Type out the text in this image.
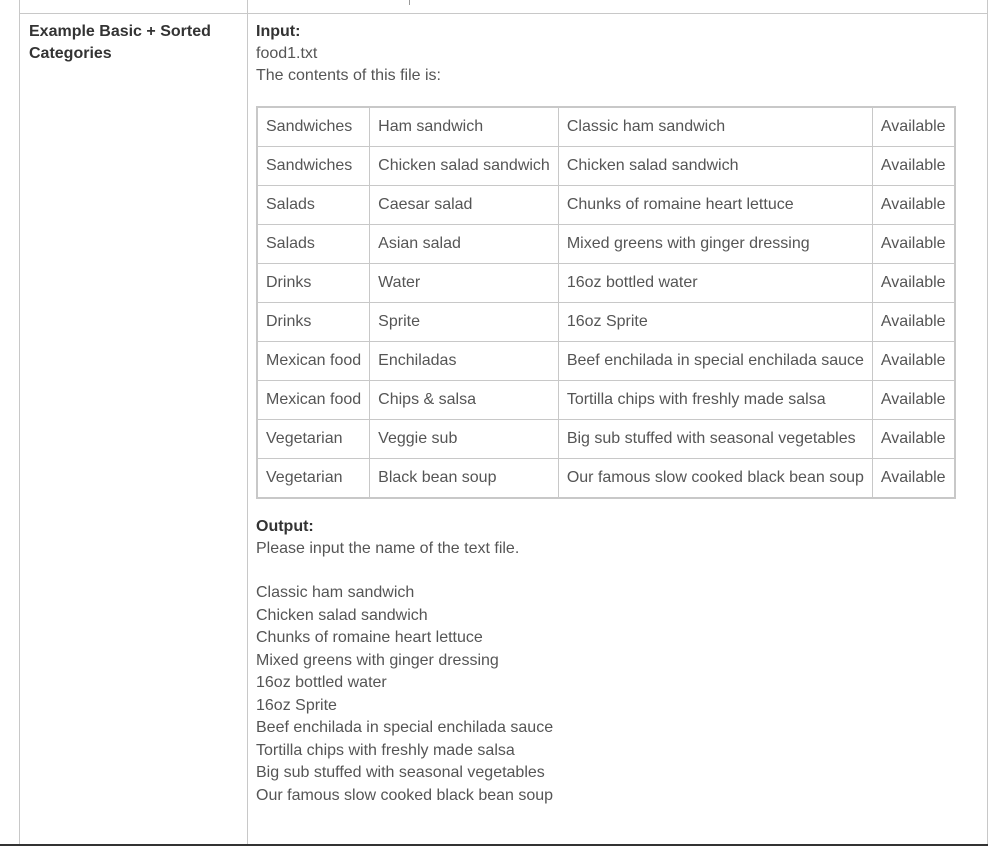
Example Basic + Sorted Categories
Input:
food1.txt
The contents of this file is:
Sandwiches	Ham sandwich	Classic ham sandwich	Available
Sandwiches	Chicken salad sandwich	Chicken salad sandwich	Available
Salads	Caesar salad	Chunks of romaine heart lettuce	Available
Salads	Asian salad	Mixed greens with ginger dressing	Available
Drinks	Water	16oz bottled water	Available
Drinks	Sprite	16oz Sprite	Available
Mexican food	Enchiladas	Beef enchilada in special enchilada sauce	Available
Mexican food	Chips & salsa	Tortilla chips with freshly made salsa	Available
Vegetarian	Veggie sub	Big sub stuffed with seasonal vegetables	Available
Vegetarian	Black bean soup	Our famous slow cooked black bean soup	Available
Output:
Please input the name of the text file.
Classic ham sandwich
Chicken salad sandwich
Chunks of romaine heart lettuce
Mixed greens with ginger dressing
16oz bottled water
16oz Sprite
Beef enchilada in special enchilada sauce
Tortilla chips with freshly made salsa
Big sub stuffed with seasonal vegetables
Our famous slow cooked black bean soup
